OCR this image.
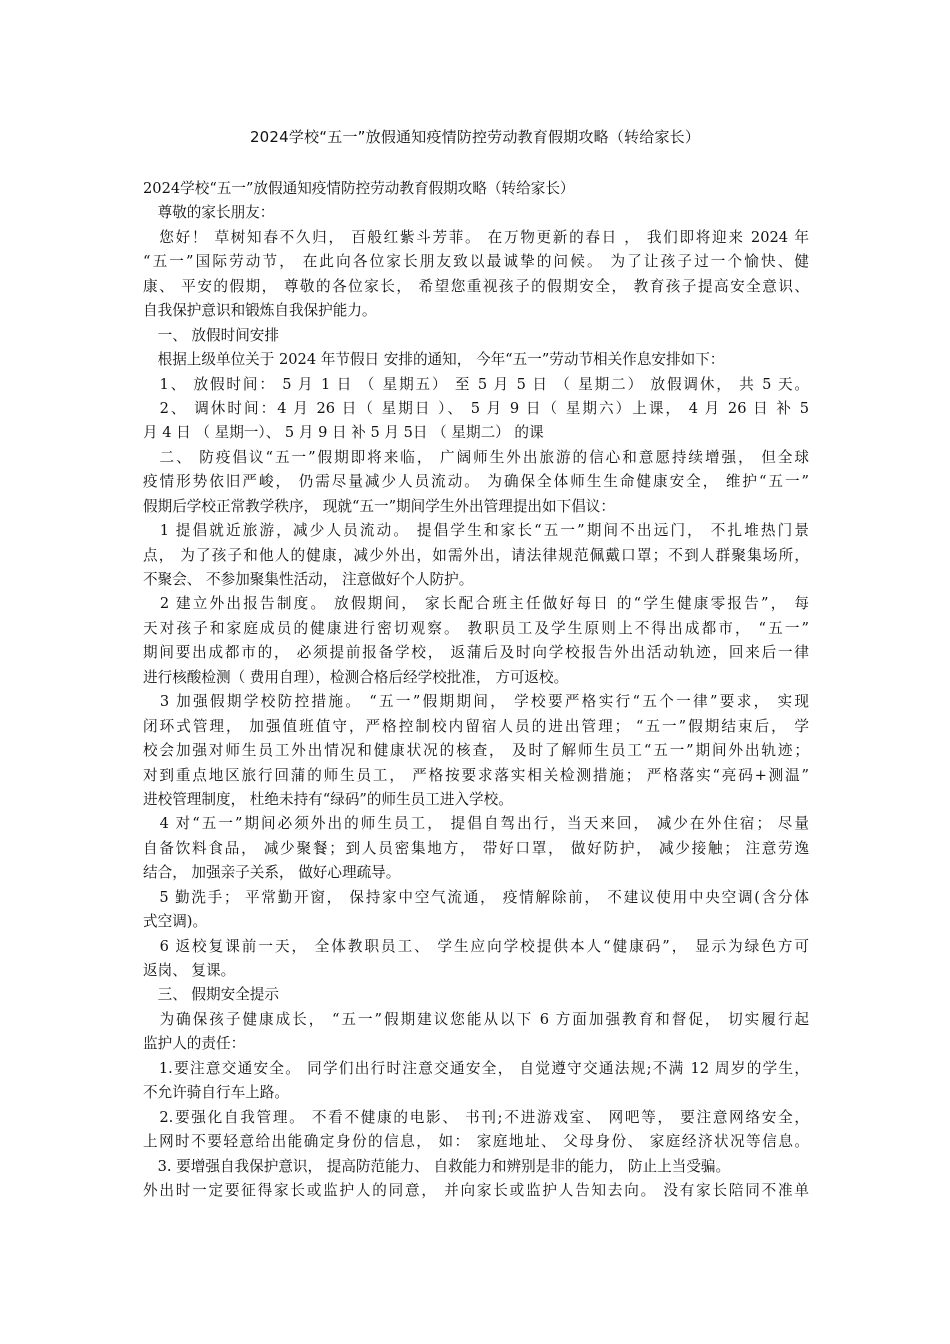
2024学校“五一”放假通知疫情防控劳动教育假期攻略（转给家长）
2024学校“五一”放假通知疫情防控劳动教育假期攻略（转给家长）
　尊敬的家长朋友：
　您好！ 草树知春不久归， 百般红紫斗芳菲。 在万物更新的春日 ， 我们即将迎来 2024 年
“五一”国际劳动节， 在此向各位家长朋友致以最诚挚的问候。 为了让孩子过一个愉快、健
康、 平安的假期， 尊敬的各位家长， 希望您重视孩子的假期安全， 教育孩子提高安全意识、
自我保护意识和锻炼自我保护能力。
　一、 放假时间安排
　根据上级单位关于 2024 年节假日 安排的通知， 今年“五一”劳动节相关作息安排如下：
　1、 放假时间： 5 月 1 日 （ 星期五） 至 5 月 5 日 （ 星期二） 放假调休， 共 5 天。
　2、 调休时间：4 月 26 日（ 星期日 ）、 5 月 9 日（ 星期六）上课， 4 月 26 日 补 5
月 4 日 （ 星期一）、 5 月 9 日 补 5 月 5日 （ 星期二） 的课
　二、 防疫倡议“五一”假期即将来临， 广阔师生外出旅游的信心和意愿持续增强， 但全球
疫情形势依旧严峻， 仍需尽量减少人员流动。 为确保全体师生生命健康安全， 维护“五一”
假期后学校正常教学秩序， 现就“五一”期间学生外出管理提出如下倡议：
　1 提倡就近旅游，减少人员流动。 提倡学生和家长“五一”期间不出远门， 不扎堆热门景
点， 为了孩子和他人的健康，减少外出，如需外出，请法律规范佩戴口罩；不到人群聚集场所，
不聚会、 不参加聚集性活动， 注意做好个人防护。
　2 建立外出报告制度。 放假期间， 家长配合班主任做好每日 的“学生健康零报告”， 每
天对孩子和家庭成员的健康进行密切观察。 教职员工及学生原则上不得出成都市， “五一”
期间要出成都市的， 必须提前报备学校， 返蒲后及时向学校报告外出活动轨迹，回来后一律
进行核酸检测（ 费用自理），检测合格后经学校批准， 方可返校。
　3 加强假期学校防控措施。 “五一”假期期间， 学校要严格实行“五个一律”要求， 实现
闭环式管理， 加强值班值守，严格控制校内留宿人员的进出管理； “五一”假期结束后， 学
校会加强对师生员工外出情况和健康状况的核查， 及时了解师生员工“五一”期间外出轨迹；
对到重点地区旅行回蒲的师生员工， 严格按要求落实相关检测措施； 严格落实“亮码+测温”
进校管理制度， 杜绝未持有“绿码”的师生员工进入学校。
　4 对“五一”期间必须外出的师生员工， 提倡自驾出行，当天来回， 减少在外住宿； 尽量
自备饮料食品， 减少聚餐；到人员密集地方， 带好口罩， 做好防护， 减少接触； 注意劳逸
结合， 加强亲子关系， 做好心理疏导。
　5 勤洗手； 平常勤开窗， 保持家中空气流通， 疫情解除前， 不建议使用中央空调(含分体
式空调)。
　6 返校复课前一天， 全体教职员工、 学生应向学校提供本人“健康码”， 显示为绿色方可
返岗、 复课。
　三、 假期安全提示
　为确保孩子健康成长， “五一”假期建议您能从以下 6 方面加强教育和督促， 切实履行起
监护人的责任：
　1.要注意交通安全。 同学们出行时注意交通安全， 自觉遵守交通法规;不满 12 周岁的学生，
不允许骑自行车上路。
　2.要强化自我管理。 不看不健康的电影、 书刊;不进游戏室、 网吧等， 要注意网络安全，
上网时不要轻意给出能确定身份的信息， 如： 家庭地址、 父母身份、 家庭经济状况等信息。
　3. 要增强自我保护意识， 提高防范能力、 自救能力和辨别是非的能力， 防止上当受骗。
外出时一定要征得家长或监护人的同意， 并向家长或监护人告知去向。 没有家长陪同不准单
